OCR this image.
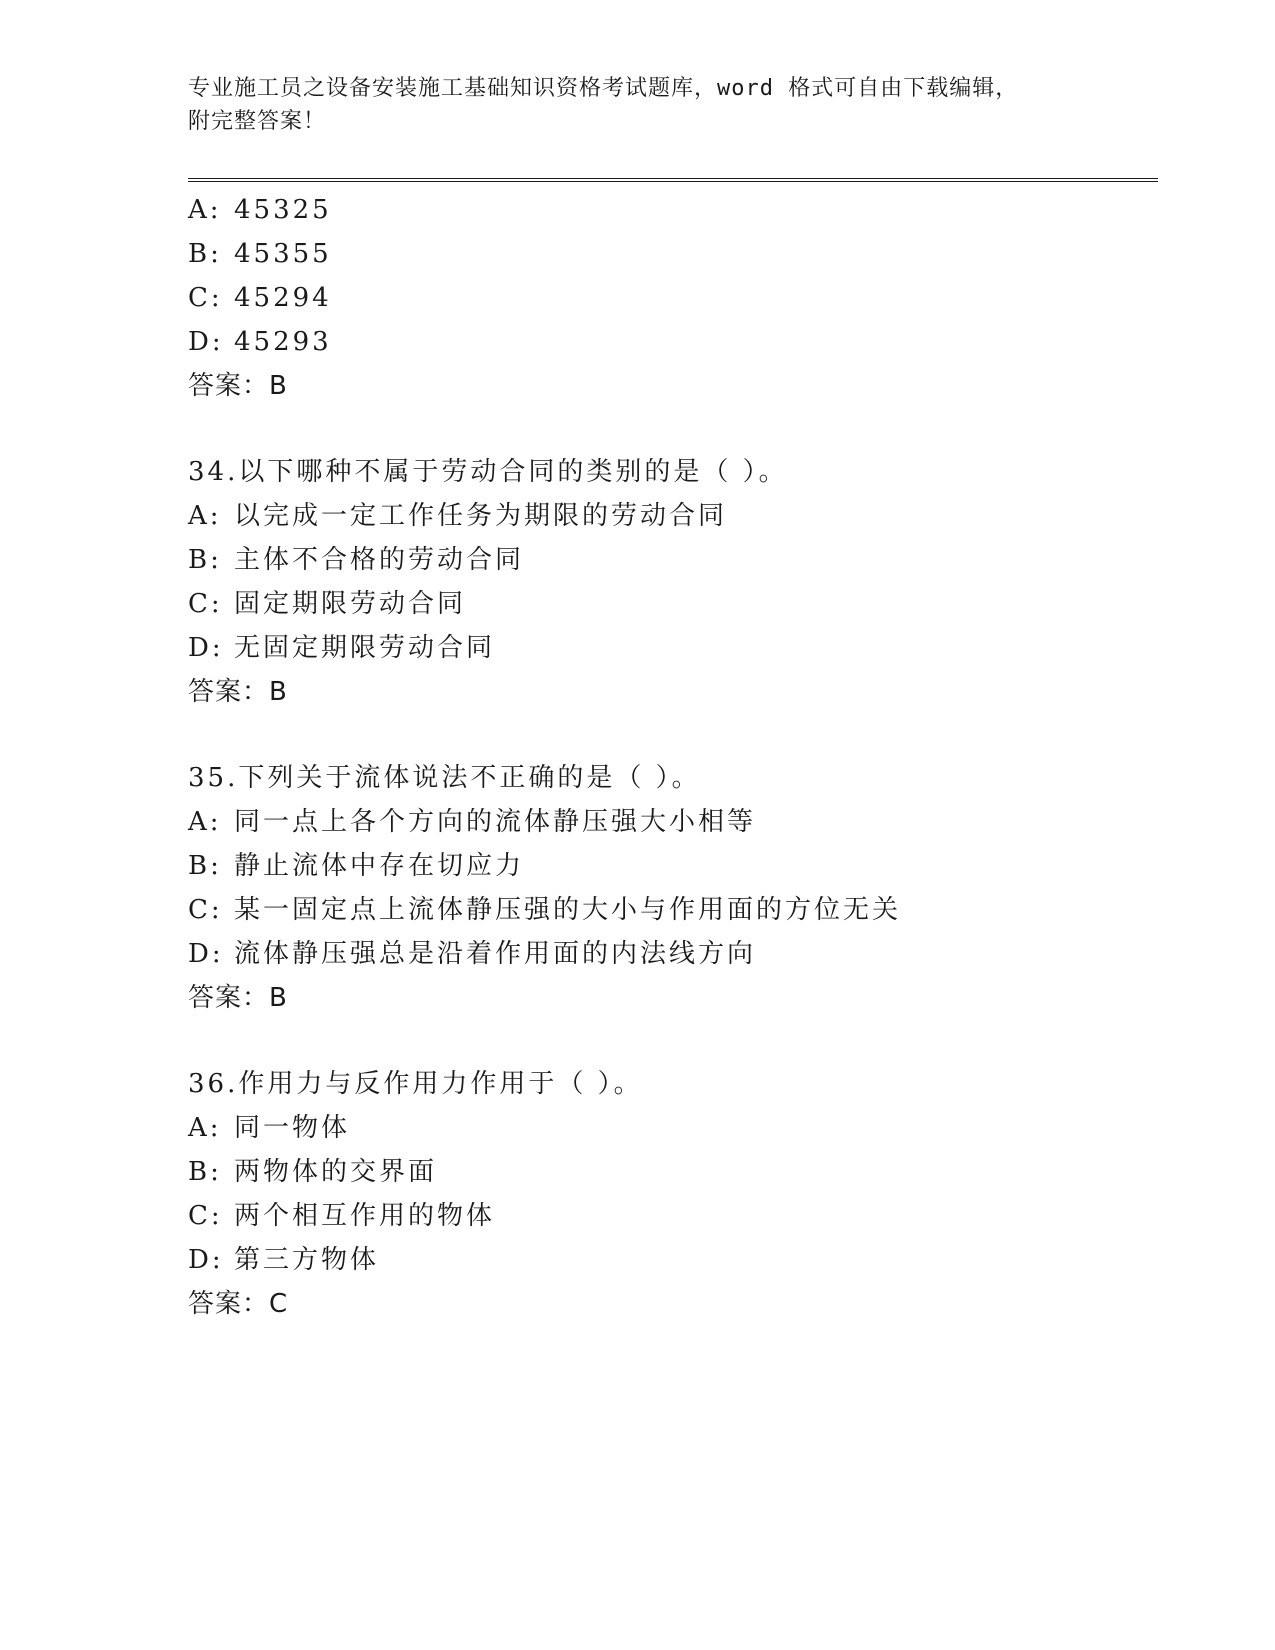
专业施工员之设备安装施工基础知识资格考试题库，word 格式可自由下载编辑，
附完整答案！
A: 45325
B: 45355
C: 45294
D: 45293
答案：B
34.以下哪种不属于劳动合同的类别的是（ ）。
A: 以完成一定工作任务为期限的劳动合同
B: 主体不合格的劳动合同
C: 固定期限劳动合同
D: 无固定期限劳动合同
答案：B
35.下列关于流体说法不正确的是（ ）。
A: 同一点上各个方向的流体静压强大小相等
B: 静止流体中存在切应力
C: 某一固定点上流体静压强的大小与作用面的方位无关
D: 流体静压强总是沿着作用面的内法线方向
答案：B
36.作用力与反作用力作用于（ ）。
A: 同一物体
B: 两物体的交界面
C: 两个相互作用的物体
D: 第三方物体
答案：C
